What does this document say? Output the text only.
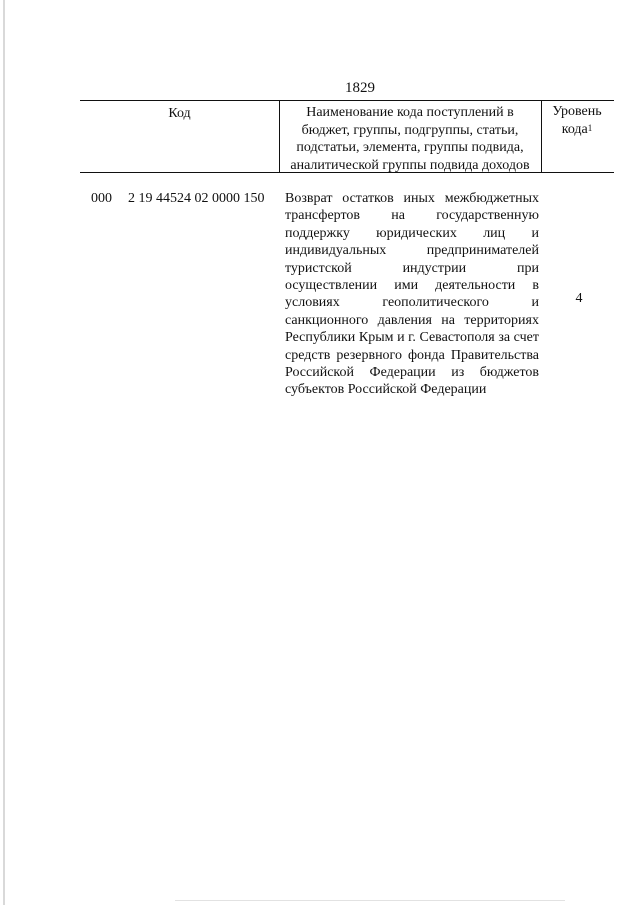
1829
Код	Наименование кода поступлений в бюджет, группы, подгруппы, статьи, подстатьи, элемента, группы подвида, аналитической группы подвида доходов
Уровень кода$^1$
000 2 19 44524 02 0000 150 Возврат остатков иных межбюджетных трансфертов на государственную поддержку юридических лиц и индивидуальных предпринимателей туристской индустрии при осуществлении ими деятельности в условиях геополитического и санкционного давления на территориях Республики Крым и г. Севастополя за счет средств резервного фонда Правительства Российской Федерации из бюджетов субъектов Российской Федерации
4
